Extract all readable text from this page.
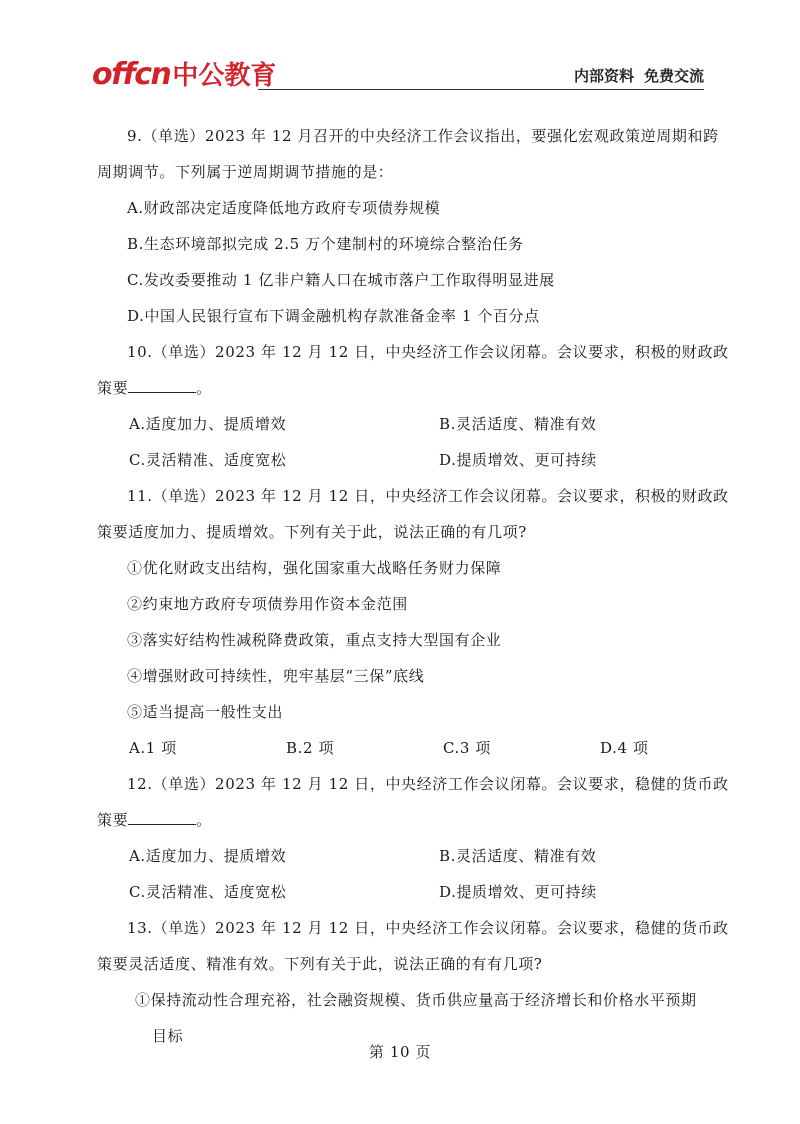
offcn 中公教育	内部资料 免费交流
9.（单选）2023 年 12 月召开的中央经济工作会议指出，要强化宏观政策逆周期和跨
周期调节。下列属于逆周期调节措施的是：
A.财政部决定适度降低地方政府专项债券规模
B.生态环境部拟完成 2.5 万个建制村的环境综合整治任务
C.发改委要推动 1 亿非户籍人口在城市落户工作取得明显进展
D.中国人民银行宣布下调金融机构存款准备金率 1 个百分点
10.（单选）2023 年 12 月 12 日，中央经济工作会议闭幕。会议要求，积极的财政政
策要	。
A.适度加力、提质增效	B.灵活适度、精准有效
C.灵活精准、适度宽松	D.提质增效、更可持续
11.（单选）2023 年 12 月 12 日，中央经济工作会议闭幕。会议要求，积极的财政政
策要适度加力、提质增效。下列有关于此，说法正确的有几项?
①优化财政支出结构，强化国家重大战略任务财力保障
②约束地方政府专项债券用作资本金范围
③落实好结构性减税降费政策，重点支持大型国有企业
④增强财政可持续性，兜牢基层“三保”底线
⑤适当提高一般性支出
A.1 项	B.2 项	C.3 项	D.4 项
12.（单选）2023 年 12 月 12 日，中央经济工作会议闭幕。会议要求，稳健的货币政
策要	。
A.适度加力、提质增效	B.灵活适度、精准有效
C.灵活精准、适度宽松	D.提质增效、更可持续
13.（单选）2023 年 12 月 12 日，中央经济工作会议闭幕。会议要求，稳健的货币政
策要灵活适度、精准有效。下列有关于此，说法正确的有有几项?
①保持流动性合理充裕，社会融资规模、货币供应量高于经济增长和价格水平预期
目标
第 10 页
